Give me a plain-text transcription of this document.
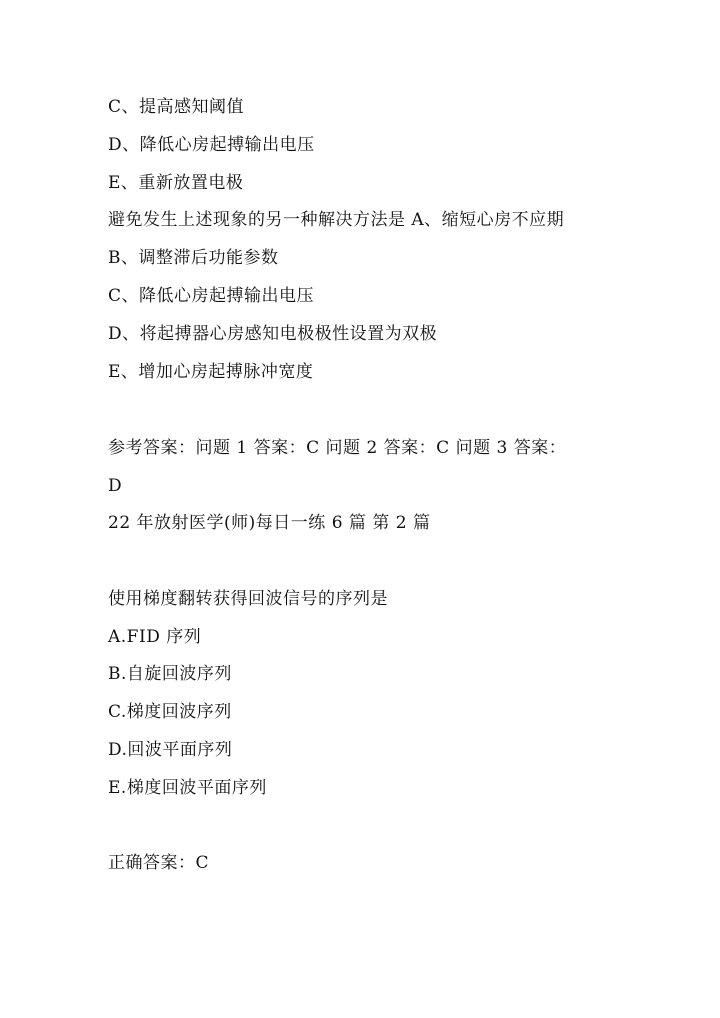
C、提高感知阈值
D、降低心房起搏输出电压
E、重新放置电极
避免发生上述现象的另一种解决方法是 A、缩短心房不应期
B、调整滞后功能参数
C、降低心房起搏输出电压
D、将起搏器心房感知电极极性设置为双极
E、增加心房起搏脉冲宽度
参考答案：问题 1 答案：C 问题 2 答案：C 问题 3 答案：
D
22 年放射医学(师)每日一练 6 篇 第 2 篇
使用梯度翻转获得回波信号的序列是
A.FID 序列
B.自旋回波序列
C.梯度回波序列
D.回波平面序列
E.梯度回波平面序列
正确答案：C
